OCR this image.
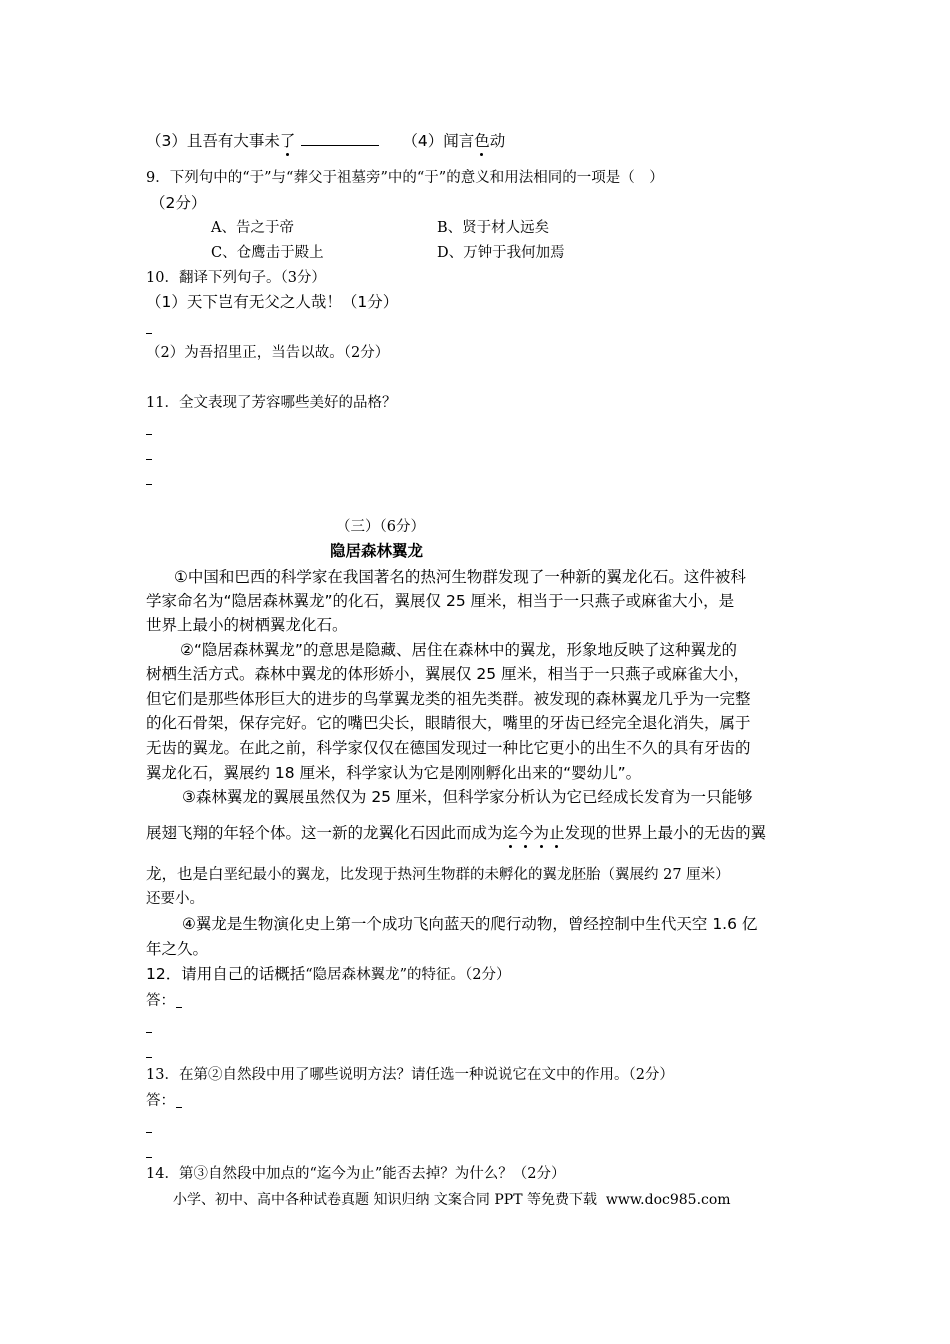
（3）且吾有大事未了	（4）闻言色动
9．下列句中的“于”与“葬父于祖墓旁”中的“于”的意义和用法相同的一项是（　）
（2分）
A、告之于帝	B、贤于材人远矣
C、仓鹰击于殿上	D、万钟于我何加焉
10．翻译下列句子。（3分）
（1）天下岂有无父之人哉！（1分）
（2）为吾招里正，当告以故。（2分）
11．全文表现了芳容哪些美好的品格？
（三）（6分）
隐居森林翼龙
①中国和巴西的科学家在我国著名的热河生物群发现了一种新的翼龙化石。这件被科
学家命名为“隐居森林翼龙”的化石，翼展仅 25 厘米，相当于一只燕子或麻雀大小，是
世界上最小的树栖翼龙化石。
②“隐居森林翼龙”的意思是隐藏、居住在森林中的翼龙，形象地反映了这种翼龙的
树栖生活方式。森林中翼龙的体形娇小，翼展仅 25 厘米，相当于一只燕子或麻雀大小，
但它们是那些体形巨大的进步的鸟掌翼龙类的祖先类群。被发现的森林翼龙几乎为一完整
的化石骨架，保存完好。它的嘴巴尖长，眼睛很大，嘴里的牙齿已经完全退化消失，属于
无齿的翼龙。在此之前，科学家仅仅在德国发现过一种比它更小的出生不久的具有牙齿的
翼龙化石，翼展约 18 厘米，科学家认为它是刚刚孵化出来的“婴幼儿”。
③森林翼龙的翼展虽然仅为 25 厘米，但科学家分析认为它已经成长发育为一只能够
展翅飞翔的年轻个体。这一新的龙翼化石因此而成为迄今为止发现的世界上最小的无齿的翼
龙，也是白垩纪最小的翼龙，比发现于热河生物群的未孵化的翼龙胚胎（翼展约 27 厘米）
还要小。
④翼龙是生物演化史上第一个成功飞向蓝天的爬行动物，曾经控制中生代天空 1.6 亿
年之久。
12．请用自己的话概括“隐居森林翼龙”的特征。（2分）
答：
13．在第②自然段中用了哪些说明方法？请任选一种说说它在文中的作用。（2分）
答：
14．第③自然段中加点的“迄今为止”能否去掉？为什么？（2分）
小学、初中、高中各种试卷真题 知识归纳 文案合同 PPT 等免费下载 www.doc985.com
